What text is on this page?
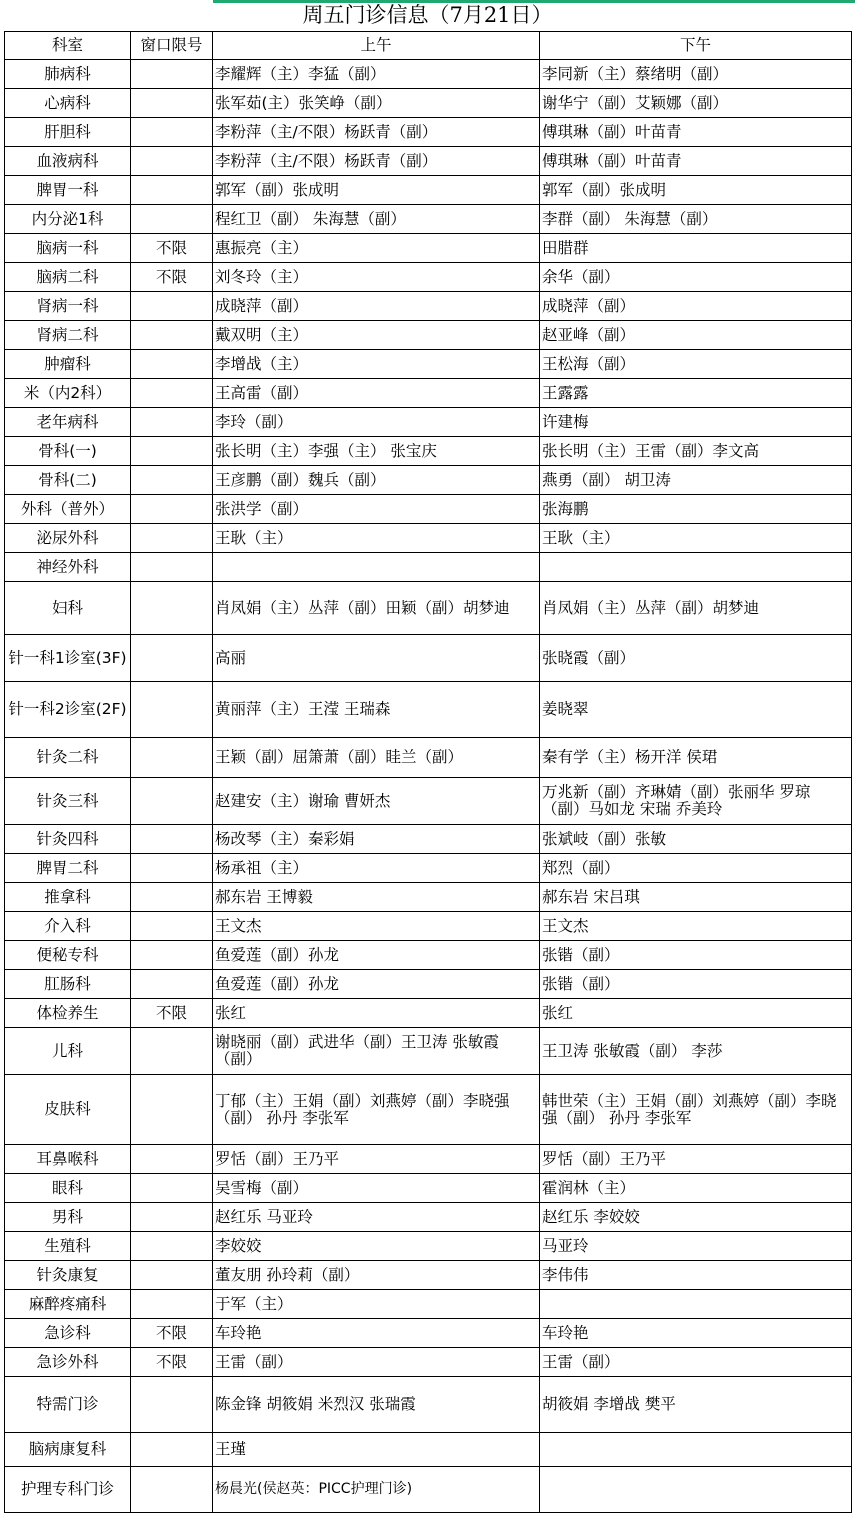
周五门诊信息（7月21日）
科室	窗口限号	上午	下午
肺病科		李耀辉（主）李猛（副）	李同新（主）蔡绪明（副）
心病科		张军茹(主）张笑峥（副）	谢华宁（副）艾颖娜（副）
肝胆科		李粉萍（主/不限）杨跃青（副）	傅琪琳（副）叶苗青
血液病科		李粉萍（主/不限）杨跃青（副）	傅琪琳（副）叶苗青
脾胃一科		郭军（副）张成明	郭军（副）张成明
内分泌1科		程红卫（副） 朱海慧（副）	李群（副） 朱海慧（副）
脑病一科	不限	惠振亮（主）	田腊群
脑病二科	不限	刘冬玲（主）	余华（副）
肾病一科		成晓萍（副）	成晓萍（副）
肾病二科		戴双明（主）	赵亚峰（副）
肿瘤科		李增战（主）	王松海（副）
米（内2科）		王高雷（副）	王露露
老年病科		李玲（副）	许建梅
骨科(一)		张长明（主）李强（主） 张宝庆	张长明（主）王雷（副）李文高
骨科(二)		王彦鹏（副）魏兵（副）	燕勇（副） 胡卫涛
外科（普外）		张洪学（副）	张海鹏
泌尿外科		王耿（主）	王耿（主）
神经外科			
妇科		肖凤娟（主）丛萍（副）田颖（副）胡梦迪	肖凤娟（主）丛萍（副）胡梦迪
针一科1诊室(3F)		高丽	张晓霞（副）
针一科2诊室(2F)		黄丽萍（主）王滢 王瑞森	姜晓翠
针灸二科		王颖（副）屈箫萧（副）眭兰（副）	秦有学（主）杨开洋 侯珺
针灸三科		赵建安（主）谢瑜 曹妍杰	万兆新（副）齐琳婧（副）张丽华 罗琼（副）马如龙 宋瑞 乔美玲
针灸四科		杨改琴（主）秦彩娟	张斌岐（副）张敏
脾胃二科		杨承祖（主）	郑烈（副）
推拿科		郝东岩 王博毅	郝东岩 宋吕琪
介入科		王文杰	王文杰
便秘专科		鱼爱莲（副）孙龙	张锴（副）
肛肠科		鱼爱莲（副）孙龙	张锴（副）
体检养生	不限	张红	张红
儿科		谢晓丽（副）武进华（副）王卫涛 张敏霞（副）	王卫涛 张敏霞（副） 李莎
皮肤科		丁郁（主）王娟（副）刘燕婷（副）李晓强（副） 孙丹 李张军	韩世荣（主）王娟（副）刘燕婷（副）李晓强（副） 孙丹 李张军
耳鼻喉科		罗恬（副）王乃平	罗恬（副）王乃平
眼科		吴雪梅（副）	霍润林（主）
男科		赵红乐 马亚玲	赵红乐 李姣姣
生殖科		李姣姣	马亚玲
针灸康复		董友朋 孙玲莉（副）	李伟伟
麻醉疼痛科		于军（主）	
急诊科	不限	车玲艳	车玲艳
急诊外科	不限	王雷（副）	王雷（副）
特需门诊		陈金锋 胡筱娟 米烈汉 张瑞霞	胡筱娟 李增战 樊平
脑病康复科		王瑾	
护理专科门诊		杨晨光(侯赵英：PICC护理门诊)	
